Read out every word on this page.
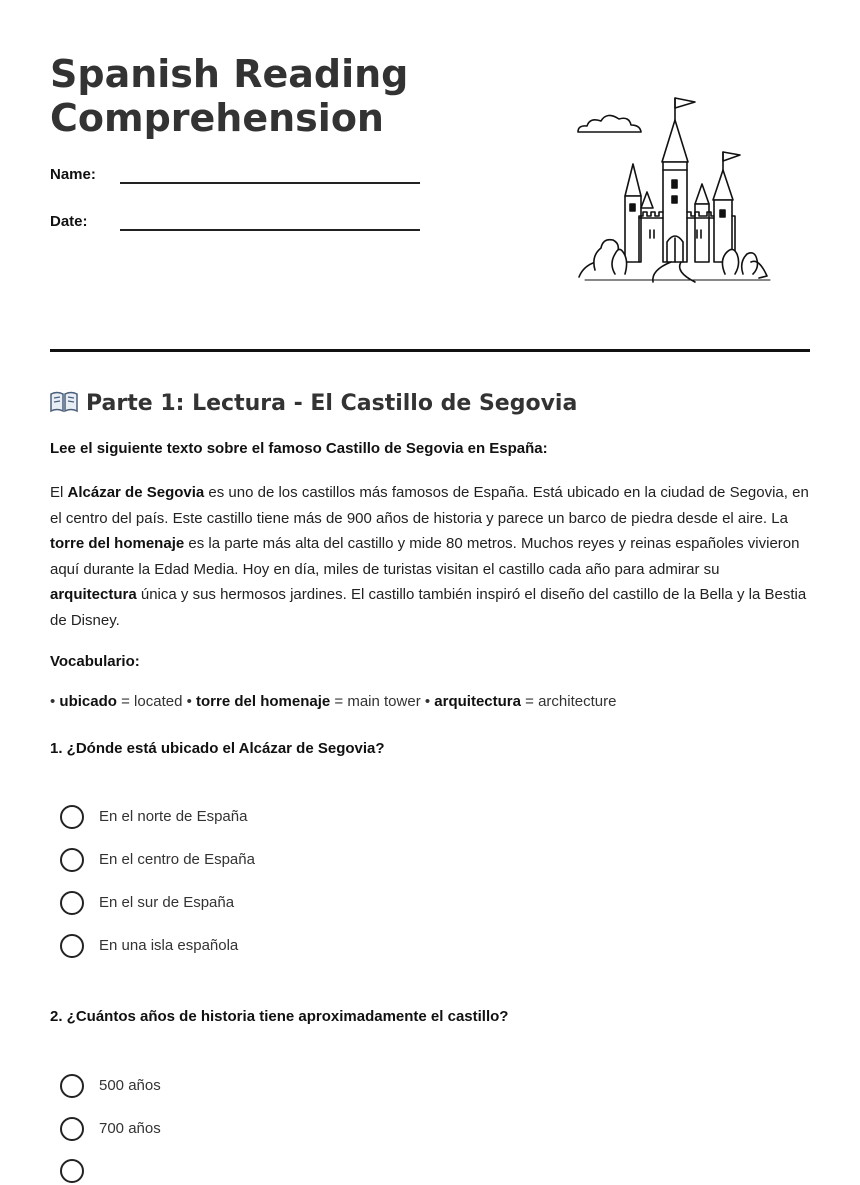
Spanish Reading Comprehension
Name:
Date:
Parte 1: Lectura - El Castillo de Segovia
Lee el siguiente texto sobre el famoso Castillo de Segovia en España:

El Alcázar de Segovia es uno de los castillos más famosos de España. Está ubicado en la ciudad de Segovia, en el centro del país. Este castillo tiene más de 900 años de historia y parece un barco de piedra desde el aire. La torre del homenaje es la parte más alta del castillo y mide 80 metros. Muchos reyes y reinas españoles vivieron aquí durante la Edad Media. Hoy en día, miles de turistas visitan el castillo cada año para admirar su arquitectura única y sus hermosos jardines. El castillo también inspiró el diseño del castillo de la Bella y la Bestia de Disney.

Vocabulario:
• ubicado = located • torre del homenaje = main tower • arquitectura = architecture
1. ¿Dónde está ubicado el Alcázar de Segovia?
En el norte de España
En el centro de España
En el sur de España
En una isla española
2. ¿Cuántos años de historia tiene aproximadamente el castillo?
500 años
700 años
